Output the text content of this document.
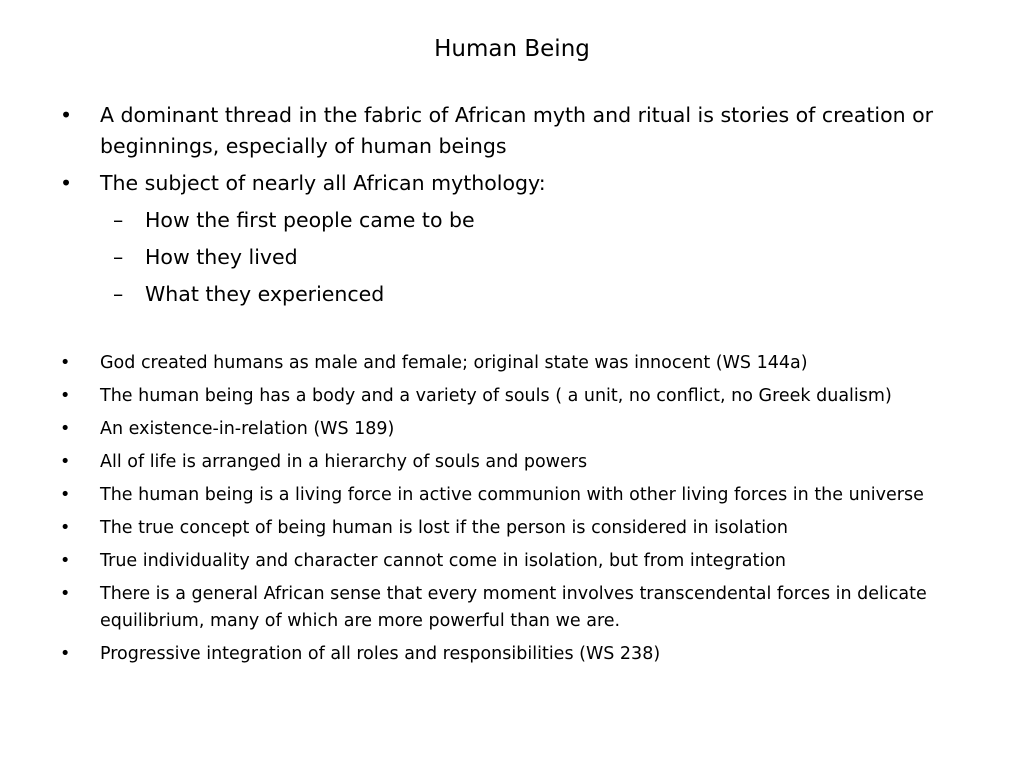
Human Being
• A dominant thread in the fabric of African myth and ritual is stories of creation or beginnings, especially of human beings
• The subject of nearly all African mythology:
– How the first people came to be
– How they lived
– What they experienced
• God created humans as male and female; original state was innocent (WS 144a)
• The human being has a body and a variety of souls ( a unit, no conflict, no Greek dualism)
• An existence-in-relation (WS 189)
• All of life is arranged in a hierarchy of souls and powers
• The human being is a living force in active communion with other living forces in the universe
• The true concept of being human is lost if the person is considered in isolation
• True individuality and character cannot come in isolation, but from integration
• There is a general African sense that every moment involves transcendental forces in delicate equilibrium, many of which are more powerful than we are.
• Progressive integration of all roles and responsibilities (WS 238)
